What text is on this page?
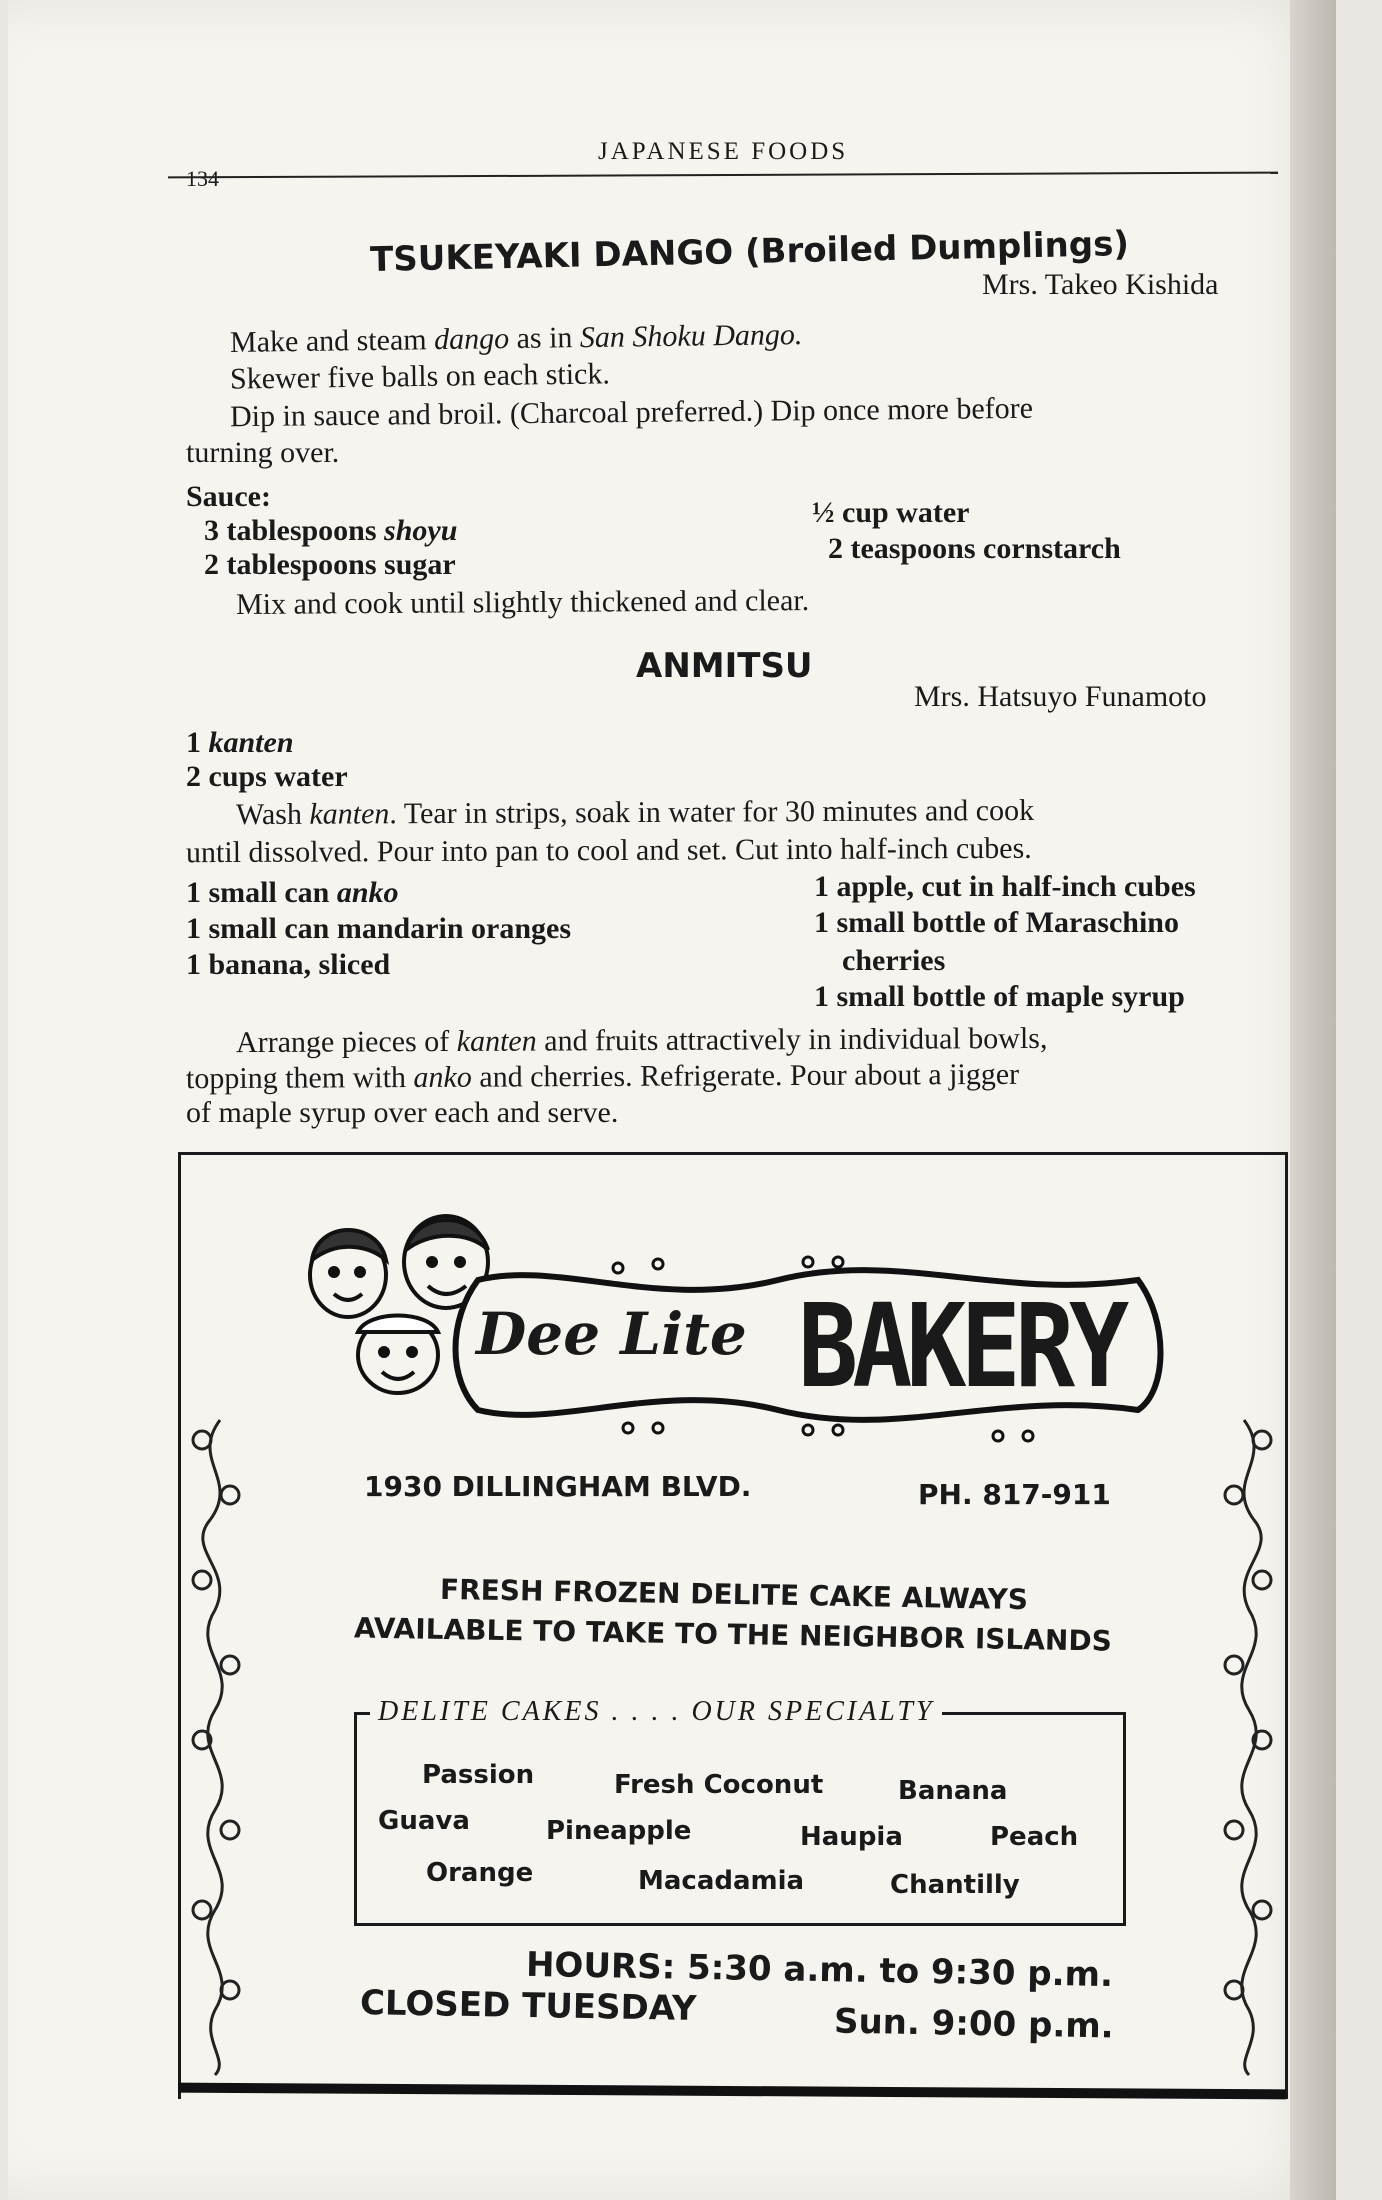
134
JAPANESE FOODS
TSUKEYAKI DANGO (Broiled Dumplings)
Mrs. Takeo Kishida
Make and steam dango as in San Shoku Dango.
Skewer five balls on each stick.
Dip in sauce and broil. (Charcoal preferred.) Dip once more before
turning over.
Sauce:
3 tablespoons shoyu
2 tablespoons sugar
½ cup water
2 teaspoons cornstarch
Mix and cook until slightly thickened and clear.
ANMITSU
Mrs. Hatsuyo Funamoto
1 kanten
2 cups water
Wash kanten. Tear in strips, soak in water for 30 minutes and cook
until dissolved. Pour into pan to cool and set. Cut into half-inch cubes.
1 small can anko
1 small can mandarin oranges
1 banana, sliced
1 apple, cut in half-inch cubes
1 small bottle of Maraschino
cherries
1 small bottle of maple syrup
Arrange pieces of kanten and fruits attractively in individual bowls,
topping them with anko and cherries. Refrigerate. Pour about a jigger
of maple syrup over each and serve.
Dee Lite BAKERY
1930 DILLINGHAM BLVD.	PH. 817-911
FRESH FROZEN DELITE CAKE ALWAYS
AVAILABLE TO TAKE TO THE NEIGHBOR ISLANDS
DELITE CAKES . . . . OUR SPECIALTY
Passion	Fresh Coconut	Banana
Guava	Pineapple	Haupia	Peach
Orange	Macadamia	Chantilly
HOURS: 5:30 a.m. to 9:30 p.m.
CLOSED TUESDAY	Sun. 9:00 p.m.
